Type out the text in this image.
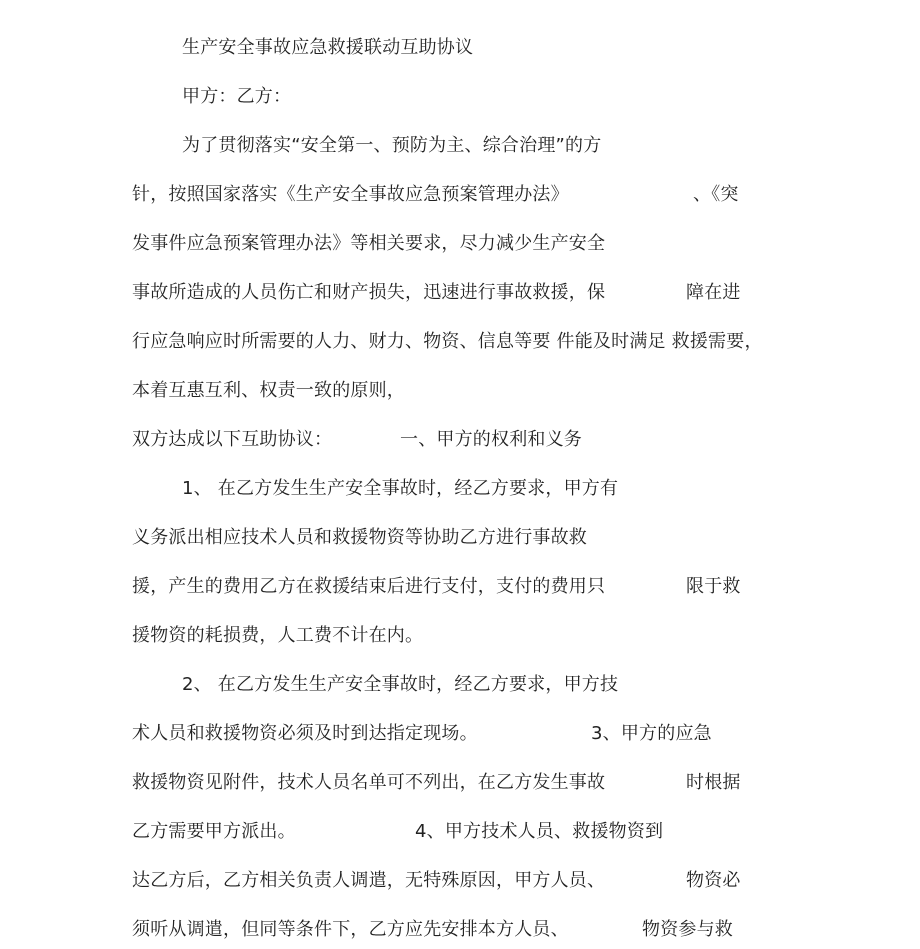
生产安全事故应急救援联动互助协议
甲方：乙方：
为了贯彻落实“安全第一、预防为主、综合治理”的方
针，按照国家落实《生产安全事故应急预案管理办法》	、《突
发事件应急预案管理办法》等相关要求，尽力减少生产安全
事故所造成的人员伤亡和财产损失，迅速进行事故救援，保	障在进
行应急响应时所需要的人力、财力、物资、信息等要 件能及时满足 救援需要，
本着互惠互利、权责一致的原则，
双方达成以下互助协议：	一、甲方的权利和义务
1、 在乙方发生生产安全事故时，经乙方要求，甲方有
义务派出相应技术人员和救援物资等协助乙方进行事故救
援，产生的费用乙方在救援结束后进行支付，支付的费用只	限于救
援物资的耗损费，人工费不计在内。
2、 在乙方发生生产安全事故时，经乙方要求，甲方技
术人员和救援物资必须及时到达指定现场。	3、甲方的应急
救援物资见附件，技术人员名单可不列出，在乙方发生事故	时根据
乙方需要甲方派出。	4、甲方技术人员、救援物资到
达乙方后，乙方相关负责人调遣，无特殊原因，甲方人员、	物资必
须听从调遣，但同等条件下，乙方应先安排本方人员、	物资参与救
